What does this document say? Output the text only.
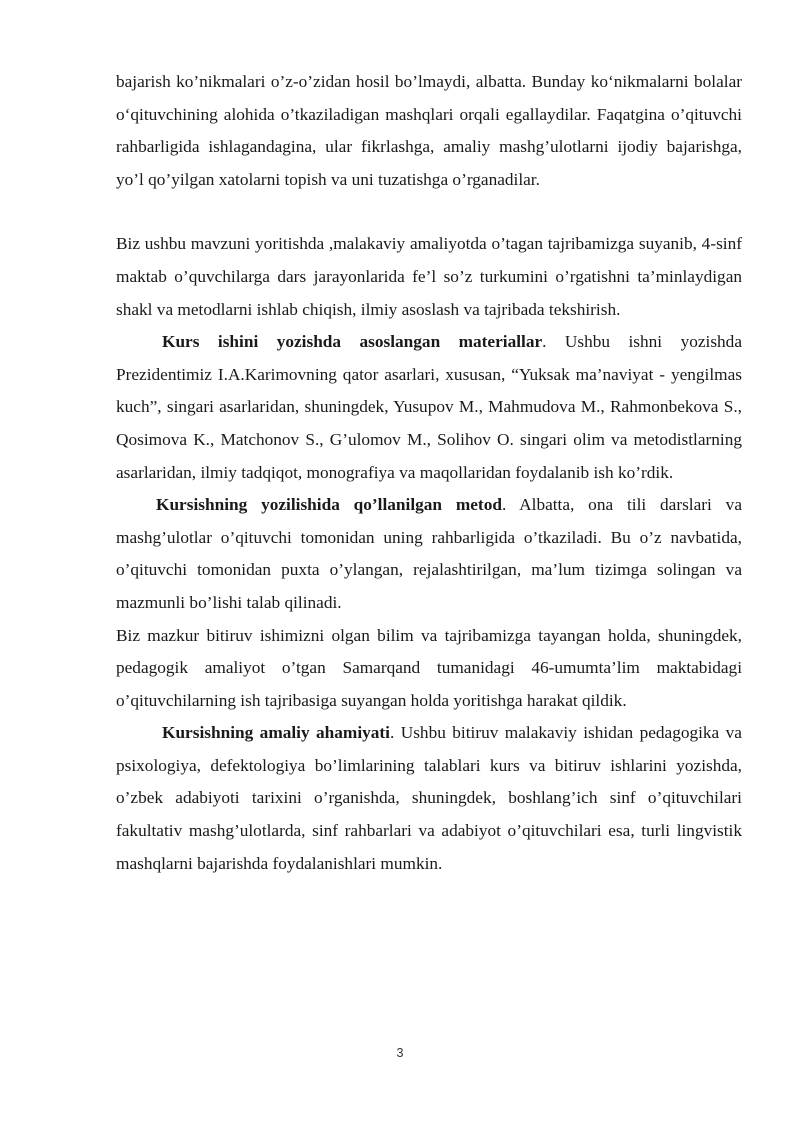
bajarish ko’nikmalari o’z-o’zidan hosil bo’lmaydi, albatta. Bunday ko‘nikmalarni bolalar o‘qituvchining alohida o’tkaziladigan mashqlari orqali egallaydilar. Faqatgina o’qituvchi rahbarligida ishlagandagina, ular fikrlashga, amaliy mashg’ulotlarni ijodiy bajarishga, yo’l qo’yilgan xatolarni topish va uni tuzatishga o’rganadilar.

Biz ushbu mavzuni yoritishda ,malakaviy amaliyotda o’tagan tajribamizga suyanib, 4-sinf maktab o’quvchilarga dars jarayonlarida fe’l so’z turkumini o’rgatishni ta’minlaydigan shakl va metodlarni ishlab chiqish, ilmiy asoslash va tajribada tekshirish.

Kurs ishini yozishda asoslangan materiallar. Ushbu ishni yozishda Prezidentimiz I.A.Karimovning qator asarlari, xususan, “Yuksak ma’naviyat - yengilmas kuch”, singari asarlaridan, shuningdek, Yusupov M., Mahmudova M., Rahmonbekova S., Qosimova K., Matchonov S., G’ulomov M., Solihov O. singari olim va metodistlarning asarlaridan, ilmiy tadqiqot, monografiya va maqollaridan foydalanib ish ko’rdik.

Kursishning yozilishida qo’llanilgan metod. Albatta, ona tili darslari va mashg’ulotlar o’qituvchi tomonidan uning rahbarligida o’tkaziladi. Bu o’z navbatida, o’qituvchi tomonidan puxta o’ylangan, rejalashtirilgan, ma’lum tizimga solingan va mazmunli bo’lishi talab qilinadi.

Biz mazkur bitiruv ishimizni olgan bilim va tajribamizga tayangan holda, shuningdek, pedagogik amaliyot o’tgan Samarqand tumanidagi 46-umumta’lim maktabidagi o’qituvchilarning ish tajribasiga suyangan holda yoritishga harakat qildik.

Kursishning amaliy ahamiyati. Ushbu bitiruv malakaviy ishidan pedagogika va psixologiya, defektologiya bo’limlarining talablari kurs va bitiruv ishlarini yozishda, o’zbek adabiyoti tarixini o’rganishda, shuningdek, boshlang’ich sinf o’qituvchilari fakultativ mashg’ulotlarda, sinf rahbarlari va adabiyot o’qituvchilari esa, turli lingvistik mashqlarni bajarishda foydalanishlari mumkin.

3
